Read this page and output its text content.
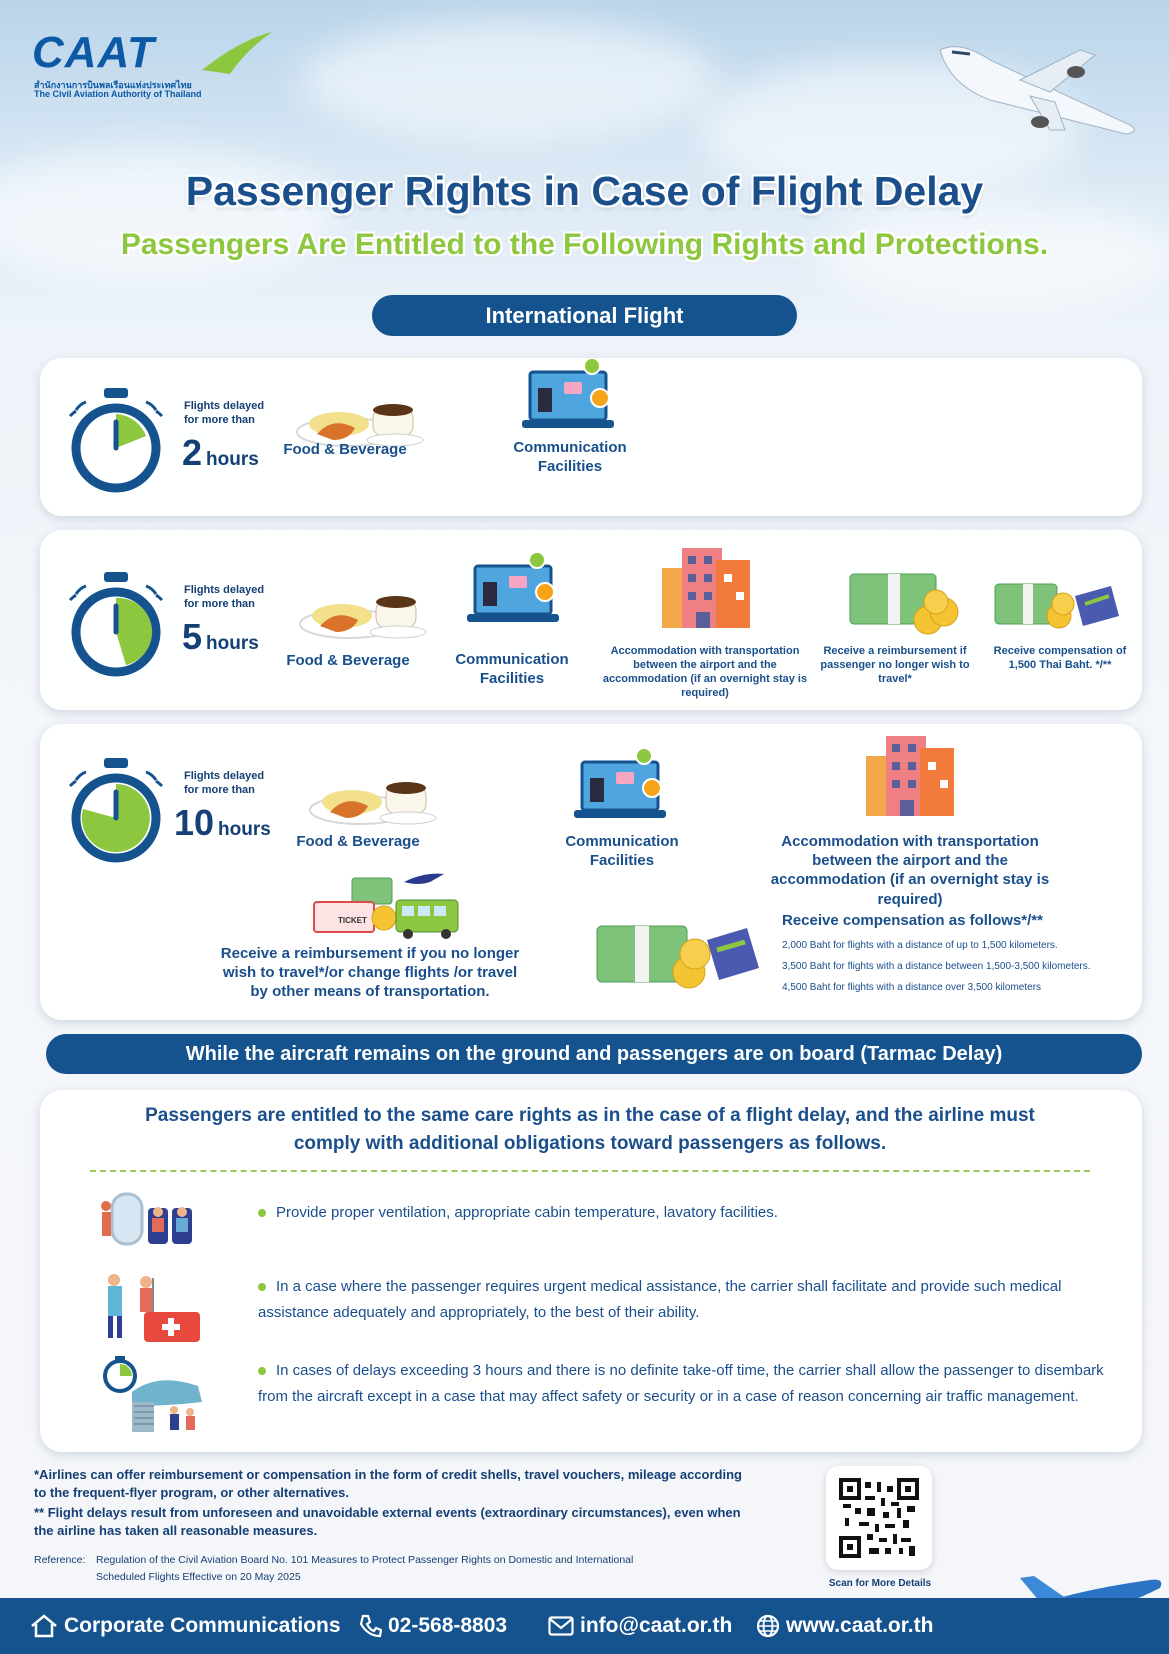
CAAT
สำนักงานการบินพลเรือนแห่งประเทศไทย
The Civil Aviation Authority of Thailand
Passenger Rights in Case of Flight Delay
Passengers Are Entitled to the Following Rights and Protections.
International Flight
Flights delayed for more than
2 hours Food & Beverage	Communication Facilities
Flights delayed for more than
5 hours
Food & Beverage	Communication Facilities
Accommodation with transportation between the airport and the accommodation (if an overnight stay is required)
Receive a reimbursement if passenger no longer wish to travel*
Receive compensation of 1,500 Thai Baht. */**
Flights delayed for more than
10 hours
Food & Beverage	Communication Facilities
Accommodation with transportation between the airport and the accommodation (if an overnight stay is required)
TICKET
Receive a reimbursement if you no longer wish to travel*/or change flights /or travel by other means of transportation.
Receive compensation as follows*/**
2,000 Baht for flights with a distance of up to 1,500 kilometers.
3,500 Baht for flights with a distance between 1,500-3,500 kilometers.
4,500 Baht for flights with a distance over 3,500 kilometers
While the aircraft remains on the ground and passengers are on board (Tarmac Delay)
Passengers are entitled to the same care rights as in the case of a flight delay, and the airline must comply with additional obligations toward passengers as follows.
Provide proper ventilation, appropriate cabin temperature, lavatory facilities.
In a case where the passenger requires urgent medical assistance, the carrier shall facilitate and provide such medical assistance adequately and appropriately, to the best of their ability.
In cases of delays exceeding 3 hours and there is no definite take-off time, the carrier shall allow the passenger to disembark from the aircraft except in a case that may affect safety or security or in a case of reason concerning air traffic management.
*Airlines can offer reimbursement or compensation in the form of credit shells, travel vouchers, mileage according to the frequent-flyer program, or other alternatives.
** Flight delays result from unforeseen and unavoidable external events (extraordinary circumstances), even when the airline has taken all reasonable measures.
Reference:	Regulation of the Civil Aviation Board No. 101 Measures to Protect Passenger Rights on Domestic and International Scheduled Flights Effective on 20 May 2025
Scan for More Details
Corporate Communications	02-568-8803	info@caat.or.th	www.caat.or.th
